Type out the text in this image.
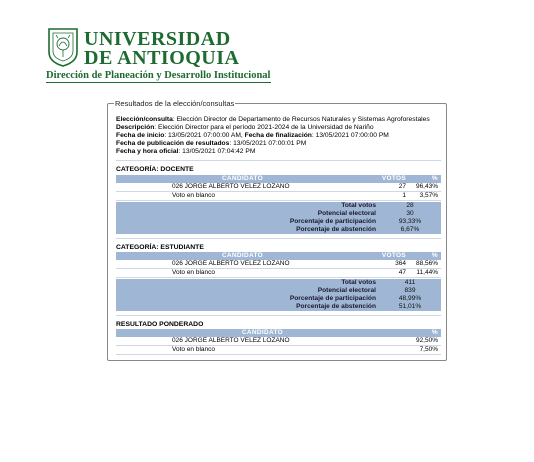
UNIVERSIDAD
DE ANTIOQUIA
Dirección de Planeación y Desarrollo Institucional
Resultados de la elección/consultas

Elección/consulta: Elección Director de Departamento de Recursos Naturales y Sistemas Agroforestales

Descripción: Elección Director para el período 2021-2024 de la Universidad de Nariño

Fecha de inicio: 13/05/2021 07:00:00 AM, Fecha de finalización: 13/05/2021 07:00:00 PM

Fecha de publicación de resultados: 13/05/2021 07:00:01 PM

Fecha y hora oficial: 13/05/2021 07:04:42 PM

CATEGORÍA: DOCENTE
CANDIDATO	VOTOS	%
026 JORGE ALBERTO VELEZ LOZANO	27	96,43%
Voto en blanco	1	3,57%
Total votos	28
Potencial electoral	30
Porcentaje de participación	93,33%
Porcentaje de abstención	6,67%
CATEGORÍA: ESTUDIANTE
CANDIDATO	VOTOS	%
026 JORGE ALBERTO VELEZ LOZANO	364	88,56%
Voto en blanco	47	11,44%
Total votos	411
Potencial electoral	839
Porcentaje de participación	48,99%
Porcentaje de abstención	51,01%
RESULTADO PONDERADO
CANDIDATO	%
026 JORGE ALBERTO VELEZ LOZANO	92,50%
Voto en blanco	7,50%
